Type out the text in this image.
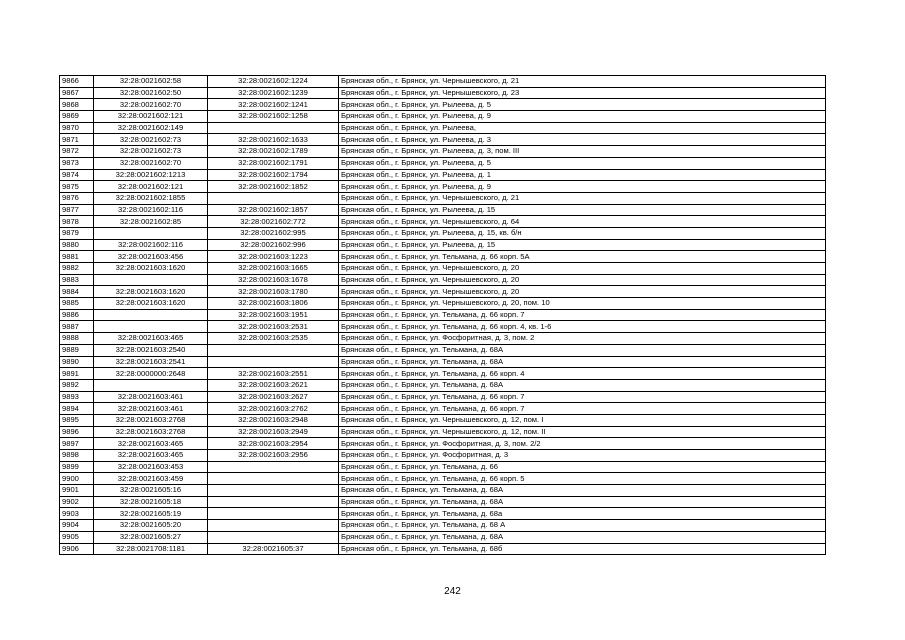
9866	32:28:0021602:58	32:28:0021602:1224	Брянская обл., г. Брянск, ул. Чернышевского, д. 21
9867	32:28:0021602:50	32:28:0021602:1239	Брянская обл., г. Брянск, ул. Чернышевского, д. 23
9868	32:28:0021602:70	32:28:0021602:1241	Брянская обл., г. Брянск, ул. Рылеева, д. 5
9869	32:28:0021602:121	32:28:0021602:1258	Брянская обл., г. Брянск, ул. Рылеева, д. 9
9870	32:28:0021602:149		Брянская обл., г. Брянск, ул. Рылеева,
9871	32:28:0021602:73	32:28:0021602:1633	Брянская обл., г. Брянск, ул. Рылеева, д. 3
9872	32:28:0021602:73	32:28:0021602:1789	Брянская обл., г. Брянск, ул. Рылеева, д. 3, пом. III
9873	32:28:0021602:70	32:28:0021602:1791	Брянская обл., г. Брянск, ул. Рылеева, д. 5
9874	32:28:0021602:1213	32:28:0021602:1794	Брянская обл., г. Брянск, ул. Рылеева, д. 1
9875	32:28:0021602:121	32:28:0021602:1852	Брянская обл., г. Брянск, ул. Рылеева, д. 9
9876	32:28:0021602:1855		Брянская обл., г. Брянск, ул. Чернышевского, д. 21
9877	32:28:0021602:116	32:28:0021602:1857	Брянская обл., г. Брянск, ул. Рылеева, д. 15
9878	32:28:0021602:85	32:28:0021602:772	Брянская обл., г. Брянск, ул. Чернышевского, д. 64
9879		32:28:0021602:995	Брянская обл., г. Брянск, ул. Рылеева, д. 15, кв. б/н
9880	32:28:0021602:116	32:28:0021602:996	Брянская обл., г. Брянск, ул. Рылеева, д. 15
9881	32:28:0021603:456	32:28:0021603:1223	Брянская обл., г. Брянск, ул. Тельмана, д. 66 корп. 5А
9882	32:28:0021603:1620	32:28:0021603:1665	Брянская обл., г. Брянск, ул. Чернышевского, д. 20
9883		32:28:0021603:1678	Брянская обл., г. Брянск, ул. Чернышевского, д. 20
9884	32:28:0021603:1620	32:28:0021603:1780	Брянская обл., г. Брянск, ул. Чернышевского, д. 20
9885	32:28:0021603:1620	32:28:0021603:1806	Брянская обл., г. Брянск, ул. Чернышевского, д. 20, пом. 10
9886		32:28:0021603:1951	Брянская обл., г. Брянск, ул. Тельмана, д. 66 корп. 7
9887		32:28:0021603:2531	Брянская обл., г. Брянск, ул. Тельмана, д. 66 корп. 4, кв. 1-6
9888	32:28:0021603:465	32:28:0021603:2535	Брянская обл., г. Брянск, ул. Фосфоритная, д. 3, пом. 2
9889	32:28:0021603:2540		Брянская обл., г. Брянск, ул. Тельмана, д. 68А
9890	32:28:0021603:2541		Брянская обл., г. Брянск, ул. Тельмана, д. 68А
9891	32:28:0000000:2648	32:28:0021603:2551	Брянская обл., г. Брянск, ул. Тельмана, д. 66 корп. 4
9892		32:28:0021603:2621	Брянская обл., г. Брянск, ул. Тельмана, д. 68А
9893	32:28:0021603:461	32:28:0021603:2627	Брянская обл., г. Брянск, ул. Тельмана, д. 66 корп. 7
9894	32:28:0021603:461	32:28:0021603:2762	Брянская обл., г. Брянск, ул. Тельмана, д. 66 корп. 7
9895	32:28:0021603:2768	32:28:0021603:2948	Брянская обл., г. Брянск, ул. Чернышевского, д. 12, пом. I
9896	32:28:0021603:2768	32:28:0021603:2949	Брянская обл., г. Брянск, ул. Чернышевского, д. 12, пом. II
9897	32:28:0021603:465	32:28:0021603:2954	Брянская обл., г. Брянск, ул. Фосфоритная, д. 3, пом. 2/2
9898	32:28:0021603:465	32:28:0021603:2956	Брянская обл., г. Брянск, ул. Фосфоритная, д. 3
9899	32:28:0021603:453		Брянская обл., г. Брянск, ул. Тельмана, д. 66
9900	32:28:0021603:459		Брянская обл., г. Брянск, ул. Тельмана, д. 66 корп. 5
9901	32:28:0021605:16		Брянская обл., г. Брянск, ул. Тельмана, д. 68А
9902	32:28:0021605:18		Брянская обл., г. Брянск, ул. Тельмана, д. 68А
9903	32:28:0021605:19		Брянская обл., г. Брянск, ул. Тельмана, д. 68а
9904	32:28:0021605:20		Брянская обл., г. Брянск, ул. Тельмана, д. 68 А
9905	32:28:0021605:27		Брянская обл., г. Брянск, ул. Тельмана, д. 68А
9906	32:28:0021708:1181	32:28:0021605:37	Брянская обл., г. Брянск, ул. Тельмана, д. 68б
242
